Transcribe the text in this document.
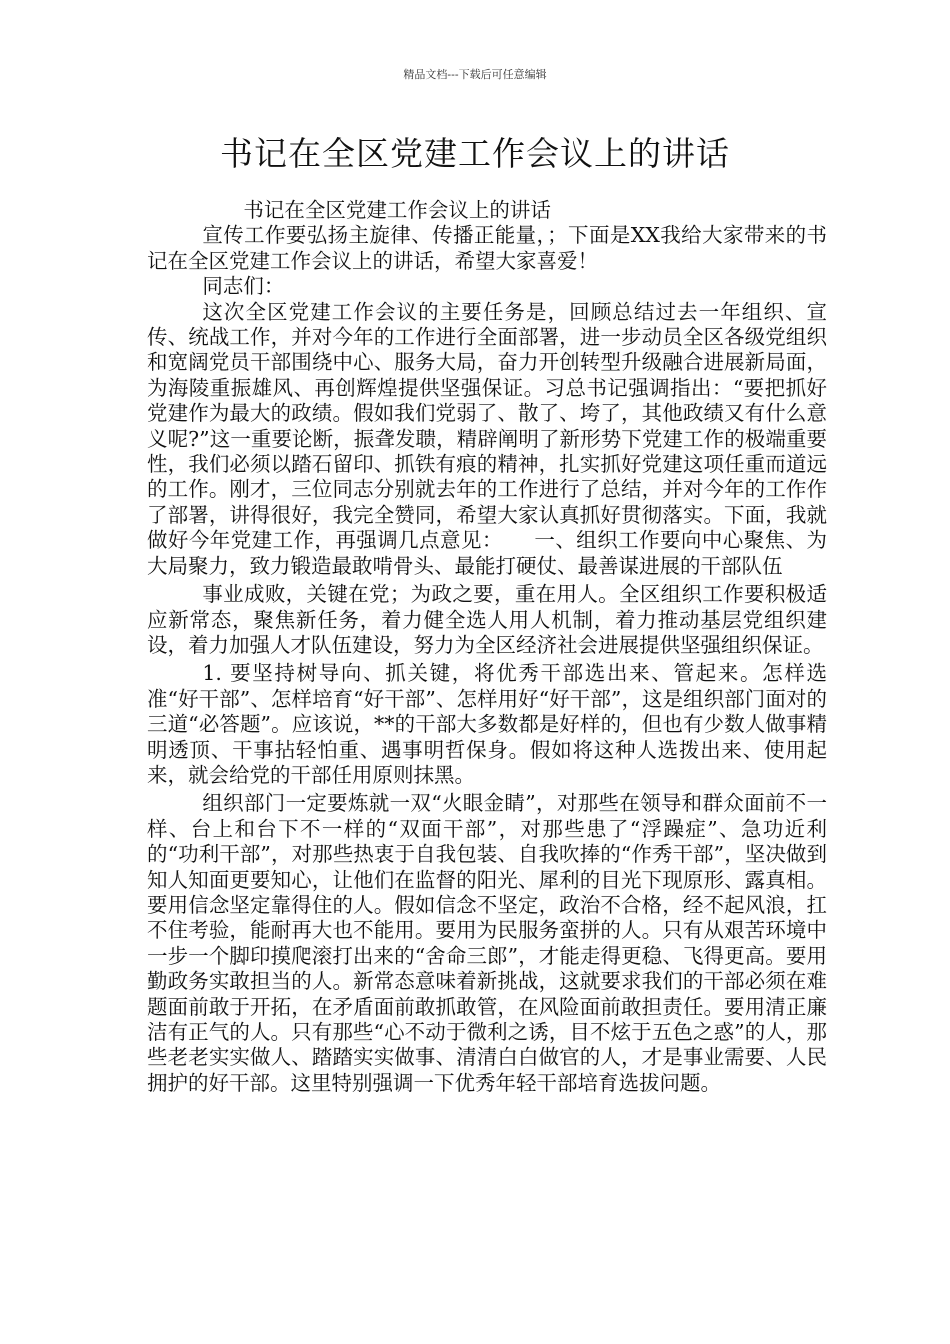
精品文档---下载后可任意编辑
书记在全区党建工作会议上的讲话

书记在全区党建工作会议上的讲话

宣传工作要弘扬主旋律、传播正能量，；下面是XX我给大家带来的书记在全区党建工作会议上的讲话，希望大家喜爱！

同志们：

这次全区党建工作会议的主要任务是，回顾总结过去一年组织、宣传、统战工作，并对今年的工作进行全面部署，进一步动员全区各级党组织和宽阔党员干部围绕中心、服务大局，奋力开创转型升级融合进展新局面，为海陵重振雄风、再创辉煌提供坚强保证。习总书记强调指出：“要把抓好党建作为最大的政绩。假如我们党弱了、散了、垮了，其他政绩又有什么意义呢?”这一重要论断，振聋发聩，精辟阐明了新形势下党建工作的极端重要性，我们必须以踏石留印、抓铁有痕的精神，扎实抓好党建这项任重而道远的工作。刚才，三位同志分别就去年的工作进行了总结，并对今年的工作作了部署，讲得很好，我完全赞同，希望大家认真抓好贯彻落实。下面，我就做好今年党建工作，再强调几点意见：　　一、组织工作要向中心聚焦、为大局聚力，致力锻造最敢啃骨头、最能打硬仗、最善谋进展的干部队伍

事业成败，关键在党；为政之要，重在用人。全区组织工作要积极适应新常态，聚焦新任务，着力健全选人用人机制，着力推动基层党组织建设，着力加强人才队伍建设，努力为全区经济社会进展提供坚强组织保证。

1. 要坚持树导向、抓关键，将优秀干部选出来、管起来。怎样选准“好干部”、怎样培育“好干部”、怎样用好“好干部”，这是组织部门面对的三道“必答题”。应该说，**的干部大多数都是好样的，但也有少数人做事精明透顶、干事拈轻怕重、遇事明哲保身。假如将这种人选拨出来、使用起来，就会给党的干部任用原则抹黑。

组织部门一定要炼就一双“火眼金睛”，对那些在领导和群众面前不一样、台上和台下不一样的“双面干部”，对那些患了“浮躁症”、急功近利的“功利干部”，对那些热衷于自我包装、自我吹捧的“作秀干部”，坚决做到知人知面更要知心，让他们在监督的阳光、犀利的目光下现原形、露真相。要用信念坚定靠得住的人。假如信念不坚定，政治不合格，经不起风浪，扛不住考验，能耐再大也不能用。要用为民服务蛮拼的人。只有从艰苦环境中一步一个脚印摸爬滚打出来的“舍命三郎”，才能走得更稳、飞得更高。要用勤政务实敢担当的人。新常态意味着新挑战，这就要求我们的干部必须在难题面前敢于开拓，在矛盾面前敢抓敢管，在风险面前敢担责任。要用清正廉洁有正气的人。只有那些“心不动于微利之诱，目不炫于五色之惑”的人，那些老老实实做人、踏踏实实做事、清清白白做官的人，才是事业需要、人民拥护的好干部。这里特别强调一下优秀年轻干部培育选拔问题。
